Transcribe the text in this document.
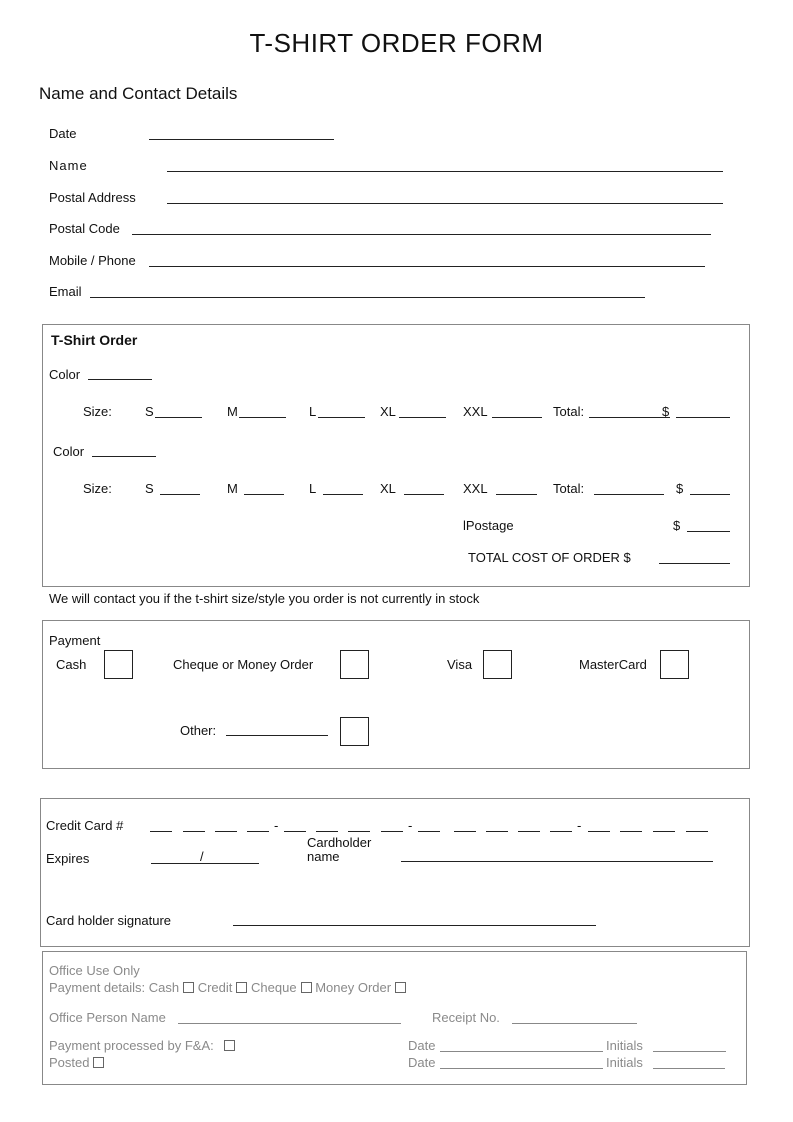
T-SHIRT ORDER FORM
Name and Contact Details
Date
Name
Postal Address
Postal Code
Mobile / Phone
Email
T-Shirt Order
Color
Size:	S	M	L	XL	XXL	Total:	$
Color
Size:	S	M	L	XL	XXL	Total:	$
lPostage	$
TOTAL COST OF ORDER $
We will contact you if the t-shirt size/style you order is not currently in stock
Payment
Cash	Cheque or Money Order	Visa	MasterCard
Other:
Credit Card #	-	-	-
Expires	/
Cardholder
name
Card holder signature
Office Use Only
Payment details: Cash Credit Cheque Money Order
Office Person Name	Receipt No.
Payment processed by F&A:
Posted
Date	Initials
Date	Initials
